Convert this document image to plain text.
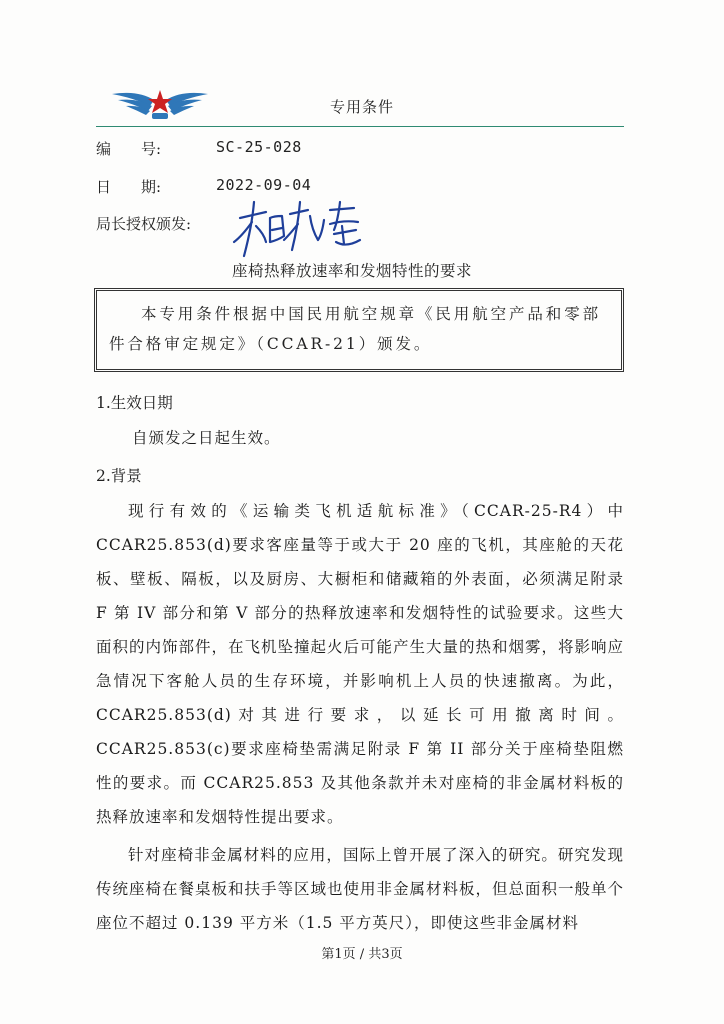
专用条件
编　　号:	SC-25-028
日　　期:	2022-09-04
局长授权颁发:
座椅热释放速率和发烟特性的要求
本专用条件根据中国民用航空规章《民用航空产品和零部件合格审定规定》（CCAR-21）颁发。
1.生效日期
自颁发之日起生效。
2.背景
现行有效的《运输类飞机适航标准》（CCAR-25-R4）中 CCAR25.853(d)要求客座量等于或大于 20 座的飞机，其座舱的天花板、壁板、隔板，以及厨房、大橱柜和储藏箱的外表面，必须满足附录 F 第 IV 部分和第 V 部分的热释放速率和发烟特性的试验要求。这些大面积的内饰部件，在飞机坠撞起火后可能产生大量的热和烟雾，将影响应急情况下客舱人员的生存环境，并影响机上人员的快速撤离。为此，CCAR25.853(d)对其进行要求，以延长可用撤离时间。CCAR25.853(c)要求座椅垫需满足附录 F 第 II 部分关于座椅垫阻燃性的要求。而 CCAR25.853 及其他条款并未对座椅的非金属材料板的热释放速率和发烟特性提出要求。
针对座椅非金属材料的应用，国际上曾开展了深入的研究。研究发现传统座椅在餐桌板和扶手等区域也使用非金属材料板，但总面积一般单个座位不超过 0.139 平方米（1.5 平方英尺），即使这些非金属材料
第1页 / 共3页
